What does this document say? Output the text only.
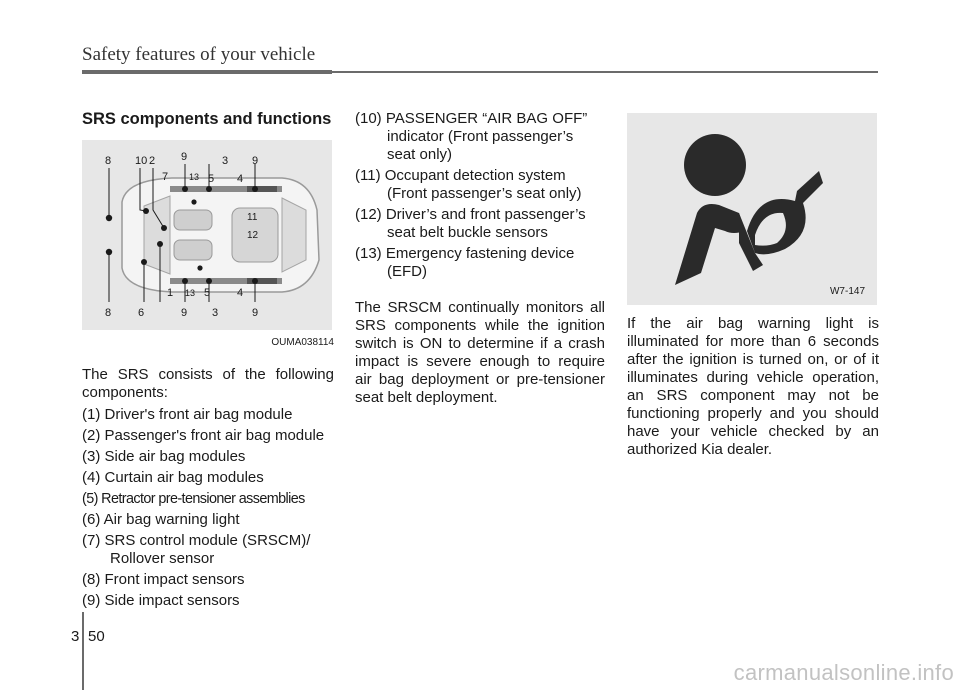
Safety features of your vehicle
SRS components and functions
8 10 2 9	3 9
7 13 5 4
11
12
1 13 5 4
8 6	9 3	9
OUMA038114
The SRS consists of the following components:
(1) Driver's front air bag module
(2) Passenger's front air bag module
(3) Side air bag modules
(4) Curtain air bag modules
(5) Retractor pre-tensioner assemblies
(6) Air bag warning light
(7) SRS control module (SRSCM)/
Rollover sensor
(8) Front impact sensors
(9) Side impact sensors
(10) PASSENGER “AIR BAG OFF”
indicator (Front passenger’s
seat only)
(11) Occupant detection system
(Front passenger’s seat only)
(12) Driver’s and front passenger’s
seat belt buckle sensors
(13) Emergency fastening device
(EFD)
The SRSCM continually monitors all SRS components while the ignition switch is ON to determine if a crash impact is severe enough to require air bag deployment or pre-tensioner seat belt deployment.
W7-147
If the air bag warning light is illuminated for more than 6 seconds after the ignition is turned on, or of it illuminates during vehicle operation, an SRS component may not be functioning properly and you should have your vehicle checked by an authorized Kia dealer.
3 50
carmanualsonline.info
